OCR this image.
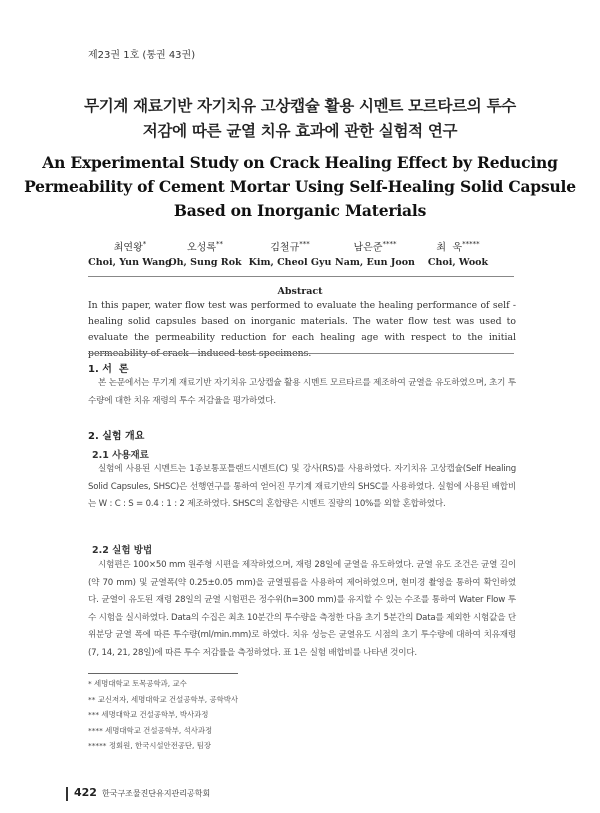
제23권 1호 (통권 43권)
무기계 재료기반 자기치유 고상캡슐 활용 시멘트 모르타르의 투수
저감에 따른 균열 치유 효과에 관한 실험적 연구
An Experimental Study on Crack Healing Effect by Reducing
Permeability of Cement Mortar Using Self-Healing Solid Capsule
Based on Inorganic Materials
최연왕*
Choi, Yun Wang
오성록**
Oh, Sung Rok
김철규***
Kim, Cheol Gyu
남은준****
Nam, Eun Joon
최  욱*****
Choi, Wook
Abstract
In this paper, water flow test was performed to evaluate the healing performance of self - healing solid capsules based on inorganic materials. The water flow test was used to evaluate the permeability reduction for each healing age with respect to the initial permeability of crack - induced test specimens.
1. 서  론

본 논문에서는 무기계 재료기반 자기치유 고상캡슐 활용 시멘트 모르타르를 제조하여 균열을 유도하였으며, 초기 투수량에 대한 치유 재령의 투수 저감율을 평가하였다.

2. 실험 개요
2.1 사용재료

실험에 사용된 시멘트는 1종보통포틀랜드시멘트(C) 및 강사(RS)를 사용하였다. 자기치유 고상캡슐(Self Healing Solid Capsules, SHSC)은 선행연구를 통하여 얻어진 무기계 재료기반의 SHSC를 사용하였다. 실험에 사용된 배합비는 W : C : S = 0.4 : 1 : 2 제조하였다. SHSC의 혼합량은 시멘트 질량의 10%를 외할 혼합하였다.

2.2 실험 방법

시험편은 100×50 mm 원주형 시편을 제작하였으며, 재령 28일에 균열을 유도하였다. 균열 유도 조건은 균열 길이(약 70 mm) 및 균열폭(약 0.25±0.05 mm)을 균열필름을 사용하여 제어하였으며, 현미경 촬영을 통하여 확인하였다. 균열이 유도된 재령 28일의 균열 시험편은 정수위(h=300 mm)를 유지할 수 있는 수조를 통하여 Water Flow 투수 시험을 실시하였다. Data의 수집은 최초 10분간의 투수량을 측정한 다음 초기 5분간의 Data를 제외한 시험값을 단위분당 균열 폭에 따른 투수량(ml/min.mm)로 하였다. 치유 성능은 균열유도 시점의 초기 투수량에 대하여 치유재령(7, 14, 21, 28일)에 따른 투수 저감률을 측정하였다. 표 1은 실험 배합비를 나타낸 것이다.

* 세명대학교 토목공학과, 교수
** 교신저자, 세명대학교 건설공학부, 공학박사
*** 세명대학교 건설공학부, 박사과정
**** 세명대학교 건설공학부, 석사과정
***** 정회원, 한국시설안전공단, 팀장
422 한국구조물진단유지관리공학회
